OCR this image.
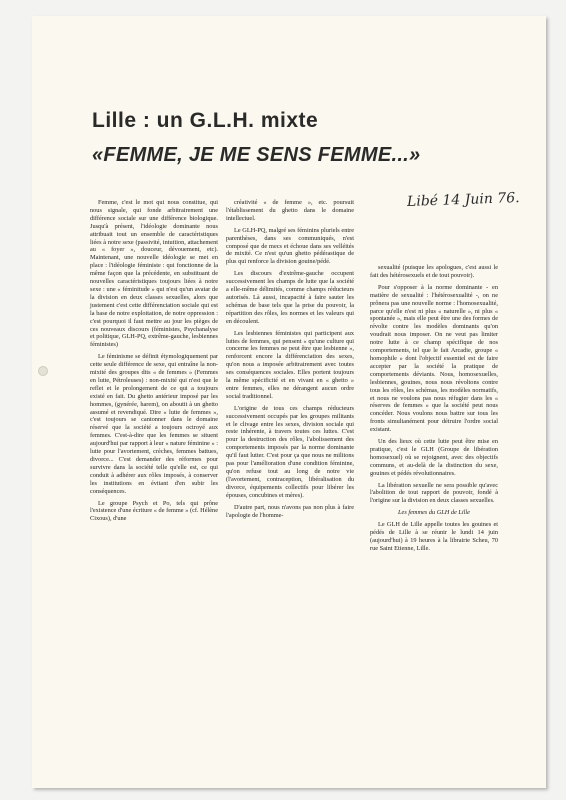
Lille : un G.L.H. mixte
«FEMME, JE ME SENS FEMME...»
Libé 14 Juin 76.

Femme, c'est le mot qui nous constitue, qui nous signale, qui fonde arbitrairement une différence sociale sur une différence biologique. Jusqu'à présent, l'idéologie dominante nous attribuait tout un ensemble de caractéristiques liées à notre sexe (passivité, intuition, attachement au « foyer », douceur, dévouement, etc). Maintenant, une nouvelle idéologie se met en place : l'idéologie féministe : qui fonctionne de la même façon que la précédente, en substituant de nouvelles caractéristiques toujours liées à notre sexe : une « féminitude » qui n'est qu'un avatar de la division en deux classes sexuelles, alors que justement c'est cette différenciation sociale qui est la base de notre exploitation, de notre oppression : c'est pourquoi il faut mettre au jour les pièges de ces nouveaux discours (féministes, Psychanalyse et politique, GLH-PQ, extrême-gauche, lesbiennes féministes)

Le féminisme se définit étymologiquement par cette seule différence de sexe, qui entraîne la non-mixité des groupes dits « de femmes » (Femmes en lutte, Pétroleuses) : non-mixité qui n'est que le reflet et le prolongement de ce qui a toujours existé en fait. Du ghetto antérieur imposé par les hommes, (gynérée, harem), on aboutit à un ghetto assumé et revendiqué. Dire « lutte de femmes », c'est toujours se cantonner dans le domaine réservé que la société a toujours octroyé aux femmes. C'est-à-dire que les femmes se situent aujourd'hui par rapport à leur « nature féminine » : lutte pour l'avortement, crèches, femmes battues, divorce... C'est demander des réformes pour survivre dans la société telle qu'elle est, ce qui conduit à adhérer aux rôles imposés, à conserver les institutions en évitant d'en subir les conséquences.

Le groupe Psych et Po, tels qui prône l'existence d'une écriture « de femme » (cf. Hélène Cixous), d'une

créativité « de femme », etc. poursuit l'établissement du ghetto dans le domaine intellectuel.

Le GLH-PQ, malgré ses féminins pluriels entre parenthèses, dans ses communiqués, n'est composé que de mecs et échoue dans ses velléités de mixité. Ce n'est qu'un ghetto pédérastique de plus qui renforce la division gouine/pédé.

Les discours d'extrême-gauche occupent successivement les champs de lutte que la société a elle-même délimités, comme champs réducteurs autorisés. Là aussi, incapacité à faire sauter les schémas de base tels que la prise du pouvoir, la répartition des rôles, les normes et les valeurs qui en découlent.

Les lesbiennes féministes qui participent aux luttes de femmes, qui pensent « qu'une culture qui concerne les femmes ne peut être que lesbienne », renforcent encore la différenciation des sexes, qu'on nous a imposée arbitrairement avec toutes ses conséquences sociales. Elles portent toujours la même spécificité et en vivant en « ghetto » entre femmes, elles ne dérangent aucun ordre social traditionnel.

L'origine de tous ces champs réducteurs successivement occupés par les groupes militants et le clivage entre les sexes, division sociale qui reste inhérente, à travers toutes ces luttes. C'est pour la destruction des rôles, l'abolissement des comportements imposés par la norme dominante qu'il faut lutter. C'est pour ça que nous ne militons pas pour l'amélioration d'une condition féminine, qu'on refuse tout au long de notre vie (l'avortement, contraception, libéralisation du divorce, équipements collectifs pour libérer les épouses, concubines et mères).

D'autre part, nous n'avons pas non plus à faire l'apologie de l'homme-

sexualité (puisque les apologues, c'est aussi le fait des hétérosexuels et de tout pouvoir).

Pour s'opposer à la norme dominante - en matière de sexualité : l'hétérosexualité -, on ne prônera pas une nouvelle norme : l'homosexualité, parce qu'elle n'est ni plus « naturelle », ni plus « spontanée », mais elle peut être une des formes de révolte contre les modèles dominants qu'on voudrait nous imposer. On ne veut pas limiter notre lutte à ce champ spécifique de nos comportements, tel que le fait Arcadie, groupe « homophile » dont l'objectif essentiel est de faire accepter par la société la pratique de comportements déviants. Nous, homosexuelles, lesbiennes, gouines, nous nous révoltons contre tous les rôles, les schémas, les modèles normatifs, et nous ne voulons pas nous réfugier dans les « réserves de femmes » que la société peut nous concéder. Nous voulons nous battre sur tous les fronts simultanément pour détruire l'ordre social existant.

Un des lieux où cette lutte peut être mise en pratique, c'est le GLH (Groupe de libération homosexuel) où se rejoignent, avec des objectifs communs, et au-delà de la distinction du sexe, gouines et pédés révolutionnaires.

La libération sexuelle ne sera possible qu'avec l'abolition de tout rapport de pouvoir, fondé à l'origine sur la division en deux classes sexuelles.

Les femmes du GLH de Lille

Le GLH de Lille appelle toutes les gouines et pédés de Lille à se réunir le lundi 14 juin (aujourd'hui) à 19 heures à la librairie Scheu, 70 rue Saint Etienne, Lille.
